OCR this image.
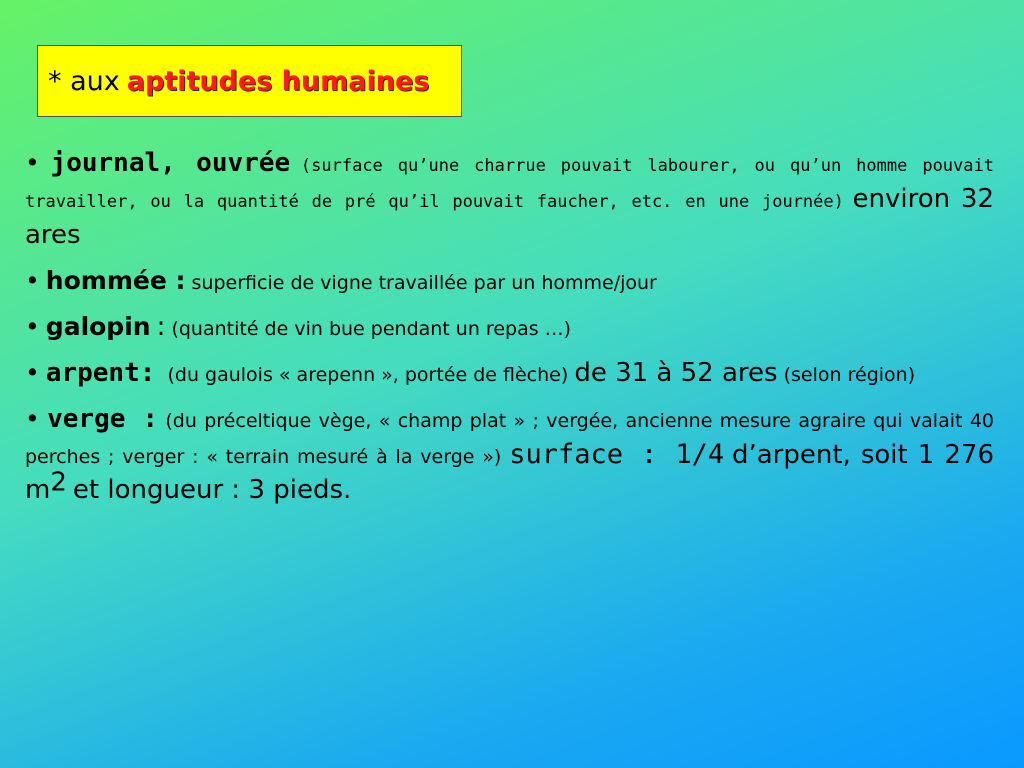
* aux aptitudes humaines

• journal, ouvrée (surface qu’une charrue pouvait labourer, ou qu’un homme pouvait travailler, ou la quantité de pré qu’il pouvait faucher, etc. en une journée) environ 32 ares

• hommée : superficie de vigne travaillée par un homme/jour

• galopin : (quantité de vin bue pendant un repas …)

• arpent: (du gaulois « arepenn », portée de flèche) de 31 à 52 ares (selon région)

• verge : (du préceltique vège, « champ plat » ; vergée, ancienne mesure agraire qui valait 40 perches ; verger : « terrain mesuré à la verge ») surface : 1/4 d’arpent, soit 1 276 $m^2$ et longueur : 3 pieds.
